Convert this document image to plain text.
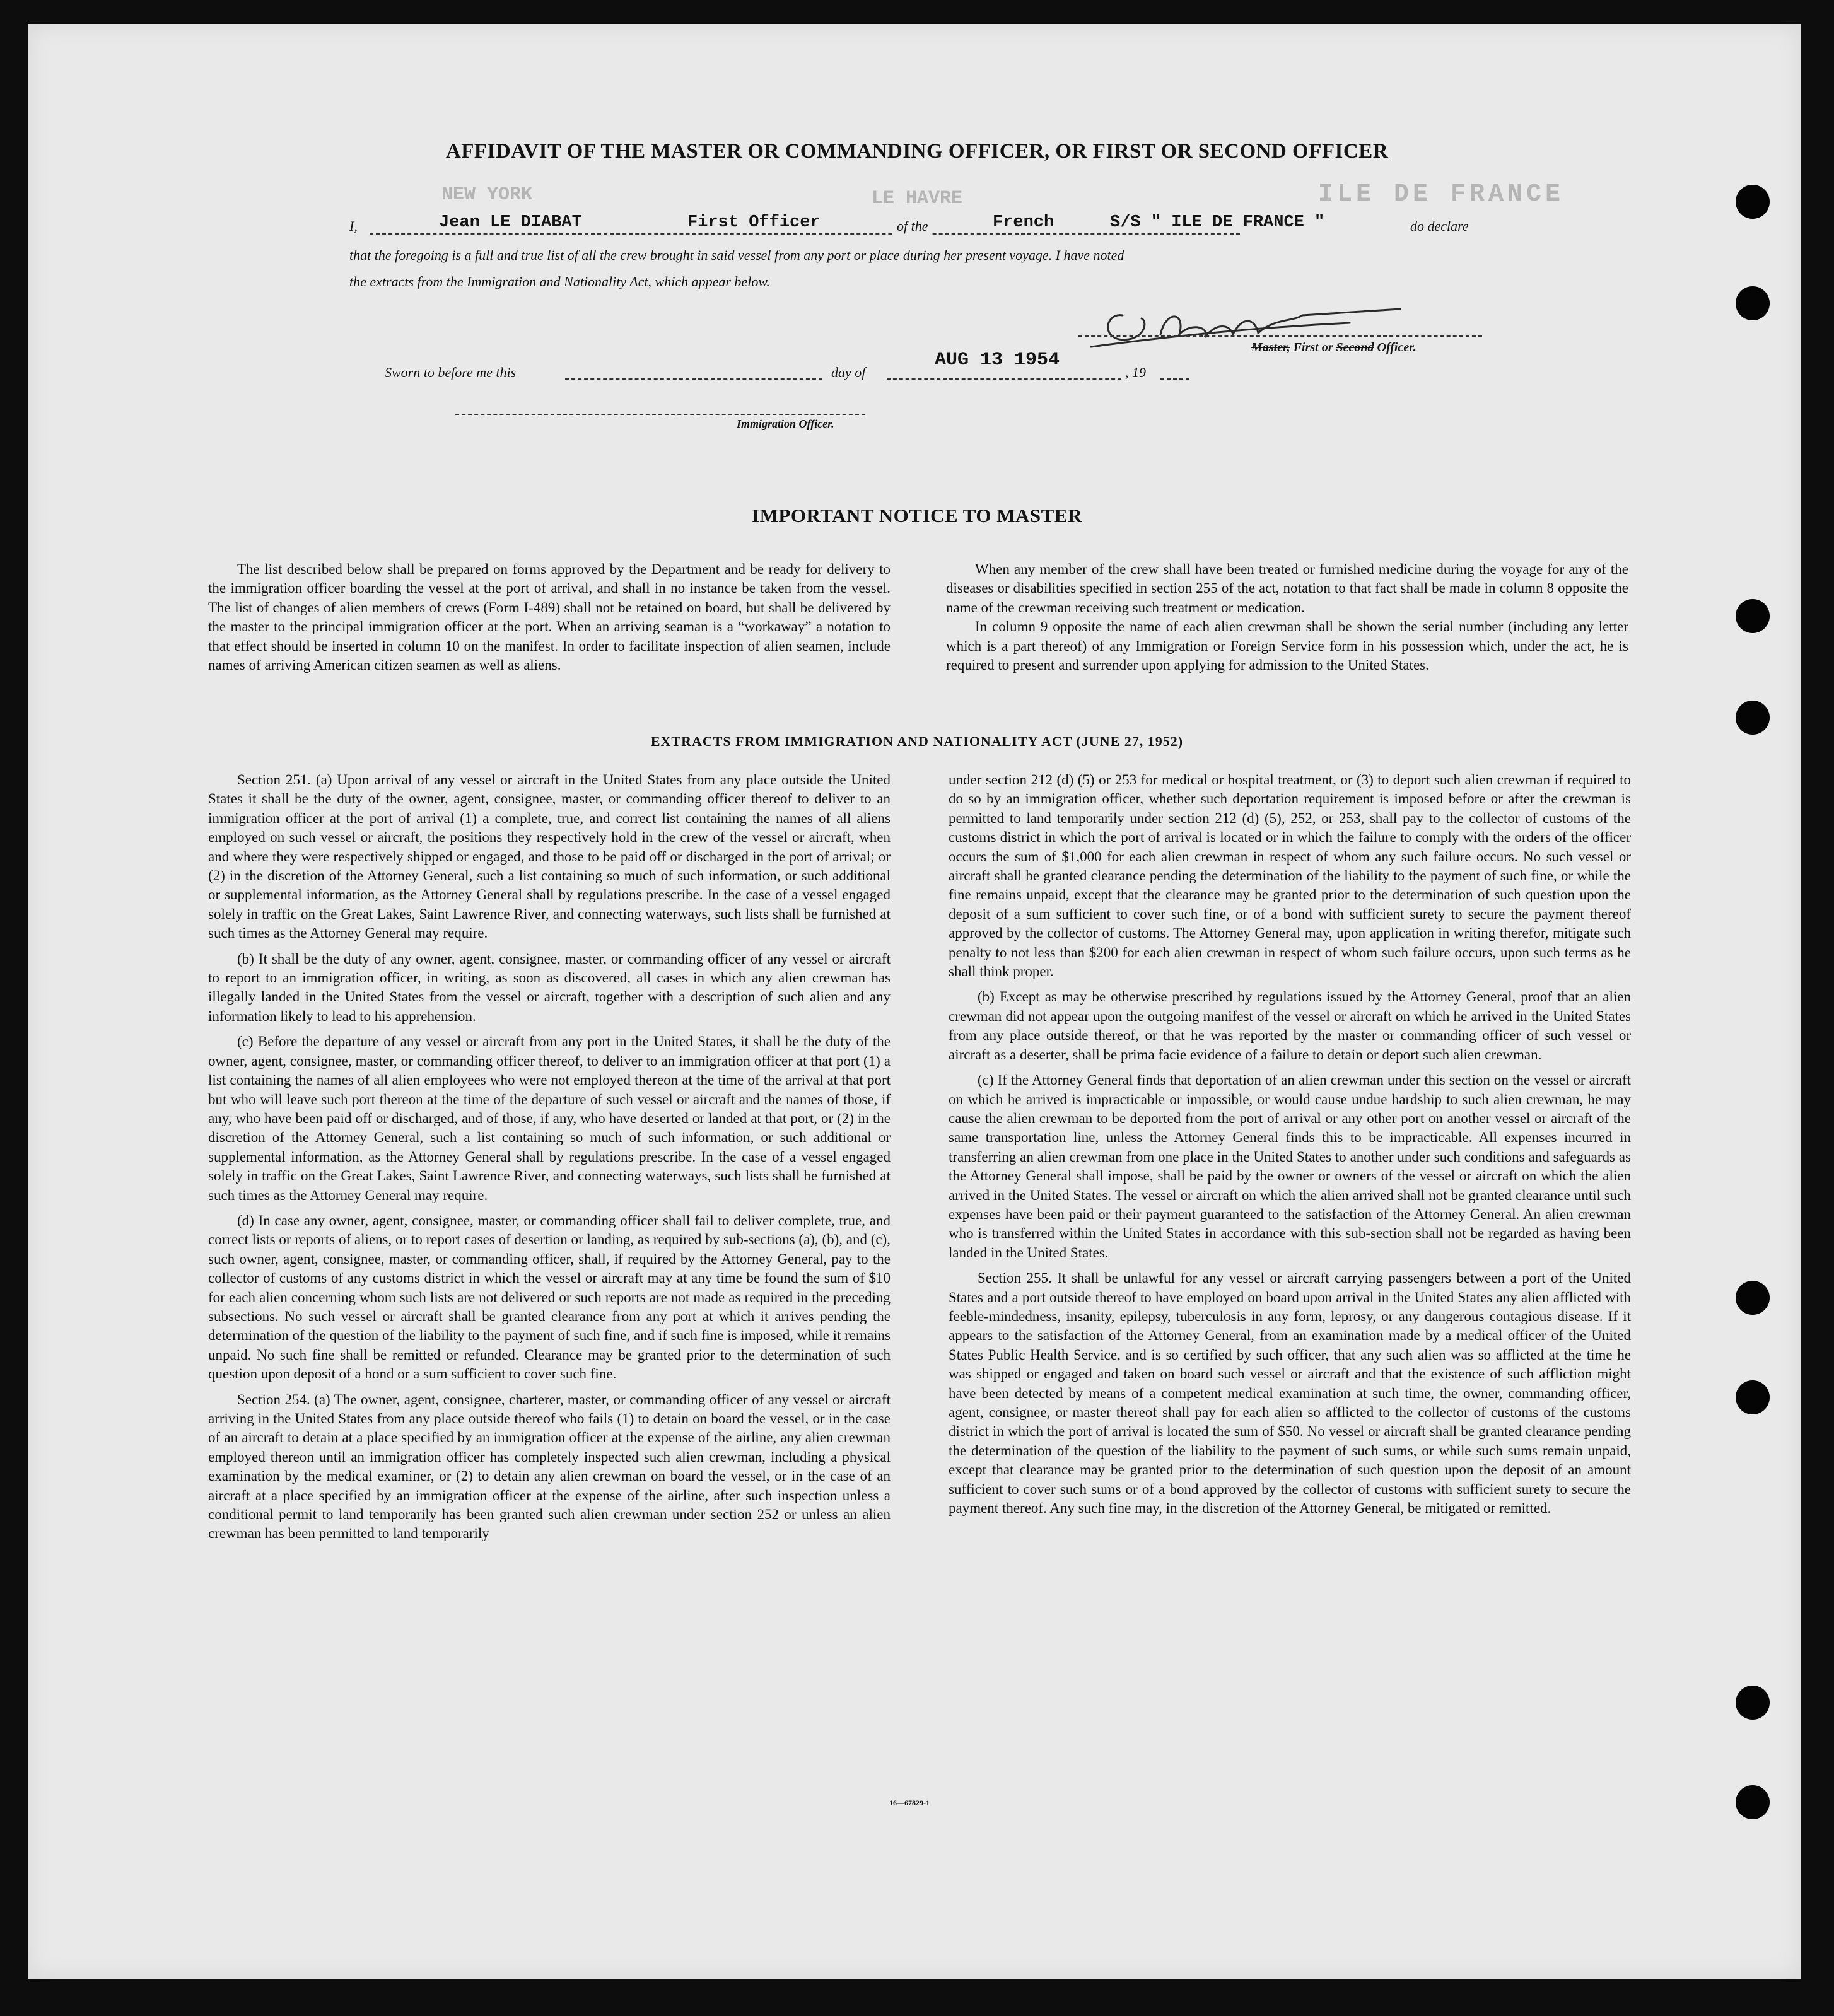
NEW YORK	LE HAVRE	ILE DE FRANCE
AFFIDAVIT OF THE MASTER OR COMMANDING OFFICER, OR FIRST OR SECOND OFFICER
I,	Jean LE DIABAT	First Officer	of the	French	S/S " ILE DE FRANCE "	do declare
that the foregoing is a full and true list of all the crew brought in said vessel from any port or place during her present voyage. I have noted
the extracts from the Immigration and Nationality Act, which appear below.
Master, First or Second Officer.
Sworn to before me this	day of
AUG 13 1954
, 19
Immigration Officer.
IMPORTANT NOTICE TO MASTER

The list described below shall be prepared on forms approved by the Department and be ready for delivery to the immigration officer boarding the vessel at the port of arrival, and shall in no instance be taken from the vessel. The list of changes of alien members of crews (Form I-489) shall not be retained on board, but shall be delivered by the master to the principal immigration officer at the port. When an arriving seaman is a “workaway” a notation to that effect should be inserted in column 10 on the manifest. In order to facilitate inspection of alien seamen, include names of arriving American citizen seamen as well as aliens.

When any member of the crew shall have been treated or furnished medicine during the voyage for any of the diseases or disabilities specified in section 255 of the act, notation to that fact shall be made in column 8 opposite the name of the crewman receiving such treatment or medication.

In column 9 opposite the name of each alien crewman shall be shown the serial number (including any letter which is a part thereof) of any Immigration or Foreign Service form in his possession which, under the act, he is required to present and surrender upon applying for admission to the United States.

EXTRACTS FROM IMMIGRATION AND NATIONALITY ACT (JUNE 27, 1952)

Section 251. (a) Upon arrival of any vessel or aircraft in the United States from any place outside the United States it shall be the duty of the owner, agent, consignee, master, or commanding officer thereof to deliver to an immigration officer at the port of arrival (1) a complete, true, and correct list containing the names of all aliens employed on such vessel or aircraft, the positions they respectively hold in the crew of the vessel or aircraft, when and where they were respectively shipped or engaged, and those to be paid off or discharged in the port of arrival; or (2) in the discretion of the Attorney General, such a list containing so much of such information, or such additional or supplemental information, as the Attorney General shall by regulations prescribe. In the case of a vessel engaged solely in traffic on the Great Lakes, Saint Lawrence River, and connecting waterways, such lists shall be furnished at such times as the Attorney General may require.

(b) It shall be the duty of any owner, agent, consignee, master, or commanding officer of any vessel or aircraft to report to an immigration officer, in writing, as soon as discovered, all cases in which any alien crewman has illegally landed in the United States from the vessel or aircraft, together with a description of such alien and any information likely to lead to his apprehension.

(c) Before the departure of any vessel or aircraft from any port in the United States, it shall be the duty of the owner, agent, consignee, master, or commanding officer thereof, to deliver to an immigration officer at that port (1) a list containing the names of all alien employees who were not employed thereon at the time of the arrival at that port but who will leave such port thereon at the time of the departure of such vessel or aircraft and the names of those, if any, who have been paid off or discharged, and of those, if any, who have deserted or landed at that port, or (2) in the discretion of the Attorney General, such a list containing so much of such information, or such additional or supplemental information, as the Attorney General shall by regulations prescribe. In the case of a vessel engaged solely in traffic on the Great Lakes, Saint Lawrence River, and connecting waterways, such lists shall be furnished at such times as the Attorney General may require.

(d) In case any owner, agent, consignee, master, or commanding officer shall fail to deliver complete, true, and correct lists or reports of aliens, or to report cases of desertion or landing, as required by sub-sections (a), (b), and (c), such owner, agent, consignee, master, or commanding officer, shall, if required by the Attorney General, pay to the collector of customs of any customs district in which the vessel or aircraft may at any time be found the sum of $10 for each alien concerning whom such lists are not delivered or such reports are not made as required in the preceding subsections. No such vessel or aircraft shall be granted clearance from any port at which it arrives pending the determination of the question of the liability to the payment of such fine, and if such fine is imposed, while it remains unpaid. No such fine shall be remitted or refunded. Clearance may be granted prior to the determination of such question upon deposit of a bond or a sum sufficient to cover such fine.

Section 254. (a) The owner, agent, consignee, charterer, master, or commanding officer of any vessel or aircraft arriving in the United States from any place outside thereof who fails (1) to detain on board the vessel, or in the case of an aircraft to detain at a place specified by an immigration officer at the expense of the airline, any alien crewman employed thereon until an immigration officer has completely inspected such alien crewman, including a physical examination by the medical examiner, or (2) to detain any alien crewman on board the vessel, or in the case of an aircraft at a place specified by an immigration officer at the expense of the airline, after such inspection unless a conditional permit to land temporarily has been granted such alien crewman under section 252 or unless an alien crewman has been permitted to land temporarily

under section 212 (d) (5) or 253 for medical or hospital treatment, or (3) to deport such alien crewman if required to do so by an immigration officer, whether such deportation requirement is imposed before or after the crewman is permitted to land temporarily under section 212 (d) (5), 252, or 253, shall pay to the collector of customs of the customs district in which the port of arrival is located or in which the failure to comply with the orders of the officer occurs the sum of $1,000 for each alien crewman in respect of whom any such failure occurs. No such vessel or aircraft shall be granted clearance pending the determination of the liability to the payment of such fine, or while the fine remains unpaid, except that the clearance may be granted prior to the determination of such question upon the deposit of a sum sufficient to cover such fine, or of a bond with sufficient surety to secure the payment thereof approved by the collector of customs. The Attorney General may, upon application in writing therefor, mitigate such penalty to not less than $200 for each alien crewman in respect of whom such failure occurs, upon such terms as he shall think proper.

(b) Except as may be otherwise prescribed by regulations issued by the Attorney General, proof that an alien crewman did not appear upon the outgoing manifest of the vessel or aircraft on which he arrived in the United States from any place outside thereof, or that he was reported by the master or commanding officer of such vessel or aircraft as a deserter, shall be prima facie evidence of a failure to detain or deport such alien crewman.

(c) If the Attorney General finds that deportation of an alien crewman under this section on the vessel or aircraft on which he arrived is impracticable or impossible, or would cause undue hardship to such alien crewman, he may cause the alien crewman to be deported from the port of arrival or any other port on another vessel or aircraft of the same transportation line, unless the Attorney General finds this to be impracticable. All expenses incurred in transferring an alien crewman from one place in the United States to another under such conditions and safeguards as the Attorney General shall impose, shall be paid by the owner or owners of the vessel or aircraft on which the alien arrived in the United States. The vessel or aircraft on which the alien arrived shall not be granted clearance until such expenses have been paid or their payment guaranteed to the satisfaction of the Attorney General. An alien crewman who is transferred within the United States in accordance with this sub-section shall not be regarded as having been landed in the United States.

Section 255. It shall be unlawful for any vessel or aircraft carrying passengers between a port of the United States and a port outside thereof to have employed on board upon arrival in the United States any alien afflicted with feeble-mindedness, insanity, epilepsy, tuberculosis in any form, leprosy, or any dangerous contagious disease. If it appears to the satisfaction of the Attorney General, from an examination made by a medical officer of the United States Public Health Service, and is so certified by such officer, that any such alien was so afflicted at the time he was shipped or engaged and taken on board such vessel or aircraft and that the existence of such affliction might have been detected by means of a competent medical examination at such time, the owner, commanding officer, agent, consignee, or master thereof shall pay for each alien so afflicted to the collector of customs of the customs district in which the port of arrival is located the sum of $50. No vessel or aircraft shall be granted clearance pending the determination of the question of the liability to the payment of such sums, or while such sums remain unpaid, except that clearance may be granted prior to the determination of such question upon the deposit of an amount sufficient to cover such sums or of a bond approved by the collector of customs with sufficient surety to secure the payment thereof. Any such fine may, in the discretion of the Attorney General, be mitigated or remitted.

16—67829-1
